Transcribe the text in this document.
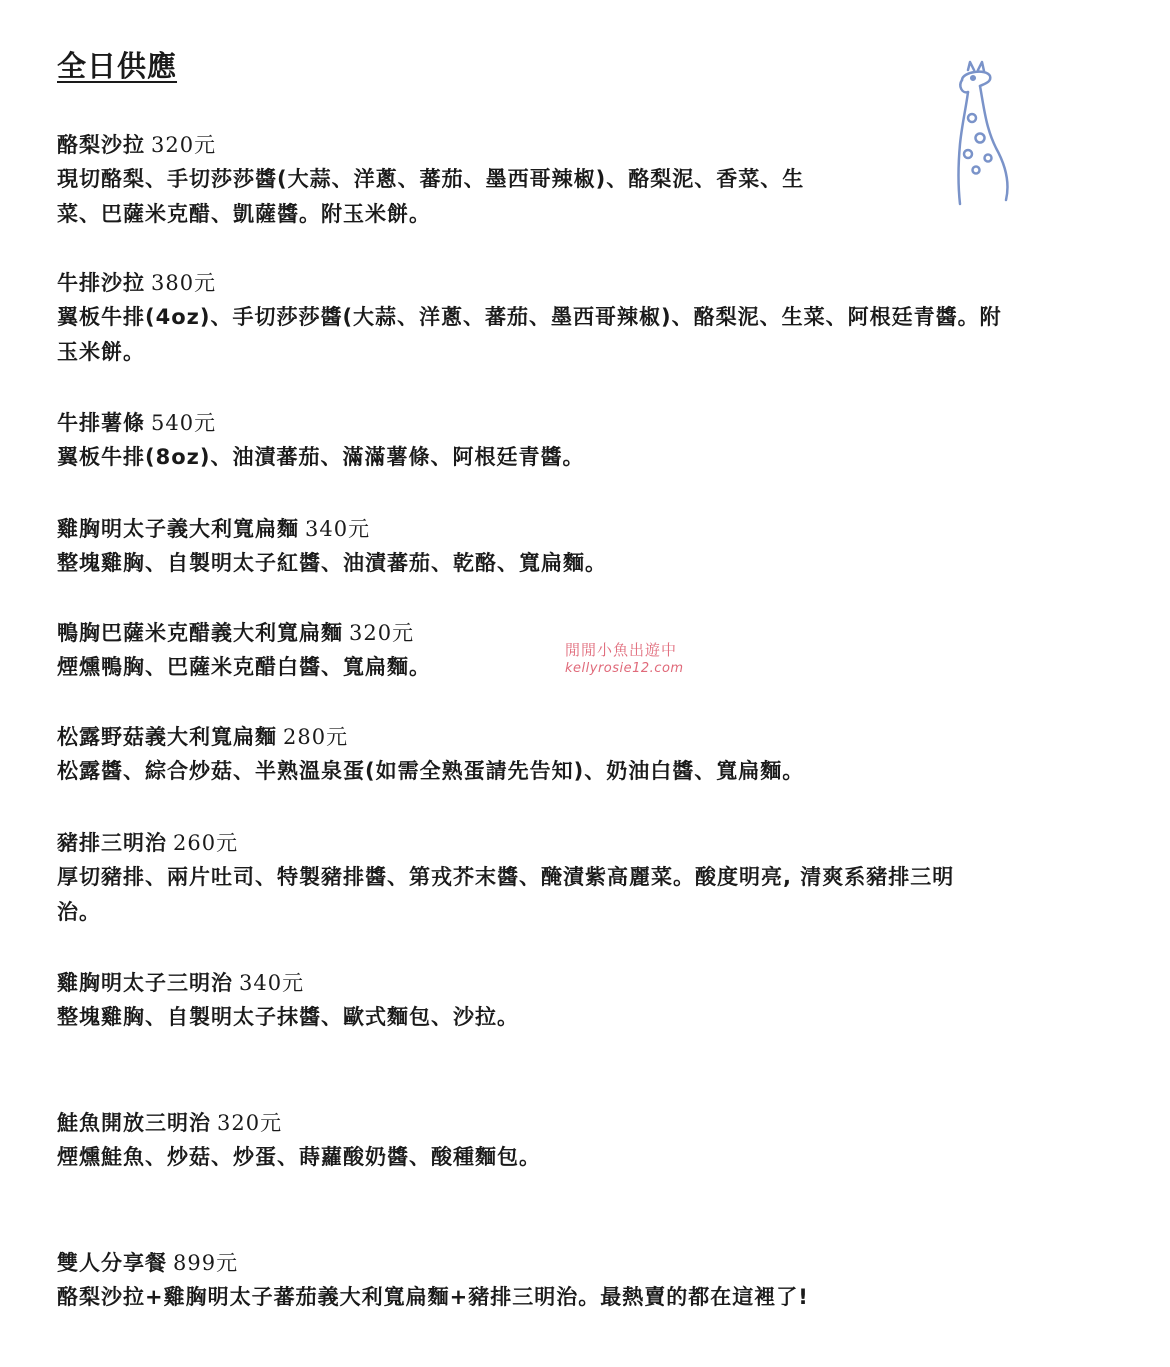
全日供應

酪梨沙拉 320元

現切酪梨、手切莎莎醬(大蒜、洋蔥、蕃茄、墨西哥辣椒)、酪梨泥、香菜、生
菜、巴薩米克醋、凱薩醬。附玉米餅。

牛排沙拉 380元

翼板牛排(4oz)、手切莎莎醬(大蒜、洋蔥、蕃茄、墨西哥辣椒)、酪梨泥、生菜、阿根廷青醬。附
玉米餅。

牛排薯條 540元

翼板牛排(8oz)、油漬蕃茄、滿滿薯條、阿根廷青醬。

雞胸明太子義大利寬扁麵 340元

整塊雞胸、自製明太子紅醬、油漬蕃茄、乾酪、寬扁麵。

鴨胸巴薩米克醋義大利寬扁麵 320元

煙燻鴨胸、巴薩米克醋白醬、寬扁麵。

松露野菇義大利寬扁麵 280元

松露醬、綜合炒菇、半熟溫泉蛋(如需全熟蛋請先告知)、奶油白醬、寬扁麵。

豬排三明治 260元

厚切豬排、兩片吐司、特製豬排醬、第戎芥末醬、醃漬紫高麗菜。酸度明亮, 清爽系豬排三明
治。

雞胸明太子三明治 340元

整塊雞胸、自製明太子抹醬、歐式麵包、沙拉。

鮭魚開放三明治 320元

煙燻鮭魚、炒菇、炒蛋、蒔蘿酸奶醬、酸種麵包。

雙人分享餐 899元

酪梨沙拉+雞胸明太子蕃茄義大利寬扁麵+豬排三明治。最熱賣的都在這裡了!

閒閒小魚出遊中
kellyrosie12.com
